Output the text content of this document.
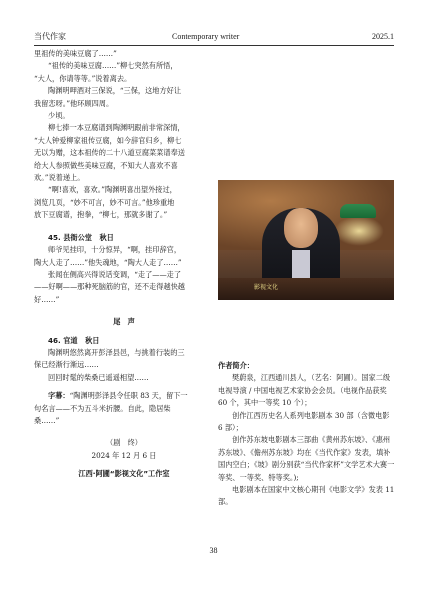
当代作家	Contemporary writer	2025.1

里祖传的美味豆腐了……”

“祖传的美味豆腐……”柳七突然有所悟，

“大人，你请等等。”说着离去。

陶渊明呷酒对三保说，“三保，这地方好让

我留恋呀。”他环顾四周。

少顷。

柳七捧一本豆腐谱到陶渊明跟前非常深情，

“大人钟爱柳家祖传豆腐，如今辞官归乡，柳七

无以为赠，这本祖传的二十八道豆腐菜菜谱奉送

给大人参照做些美味豆腐，不知大人喜欢不喜

欢。”说着递上。

“啊!喜欢，喜欢。”陶渊明喜出望外接过，

浏览几页，“妙不可言，妙不可言。”他珍重地

放下豆腐谱，抱拳，“柳七，那就多谢了。”

45. 县衙公堂   秋日

师爷见挂印，十分惊异，“啊，挂印辞官，

陶大人走了……”他失魂地，“陶大人走了……”

张闻在侧高兴得说话变调，“走了——走了

——好啊——那种死脑筋的官，还不走得越快越

好……”

尾　声

46. 官道   秋日

陶渊明悠然离开彭泽县邑，与挑着行装的三

保已经渐行渐远……

回回时髦的柴桑已遥遥相望……

字幕：“陶渊明彭泽县令任职 83 天，留下一

句名言——不为五斗米折腰。自此，隐居柴

桑……”

（剧　终）

2024 年 12 月 6 日

江西·阿圃“影视文化”工作室

影视文化

作者简介：

樊蔚泉，江西通川县人，（艺名：阿圃）。国家二级电视导演 / 中国电视艺术家协会会员。（电视作品获奖 60 个，其中一等奖 10 个）；

创作江西历史名人系列电影剧本 30 部（含微电影 6 部）；

创作苏东坡电影剧本三部曲《黄州苏东坡》、《惠州苏东坡》、《儋州苏东坡》均在《当代作家》发表，填补国内空白；《坡》剧分别获“当代作家杯”文学艺术大赛一等奖、一等奖、特等奖。);

电影剧本在国家中文核心期刊《电影文学》发表 11 部。

38
